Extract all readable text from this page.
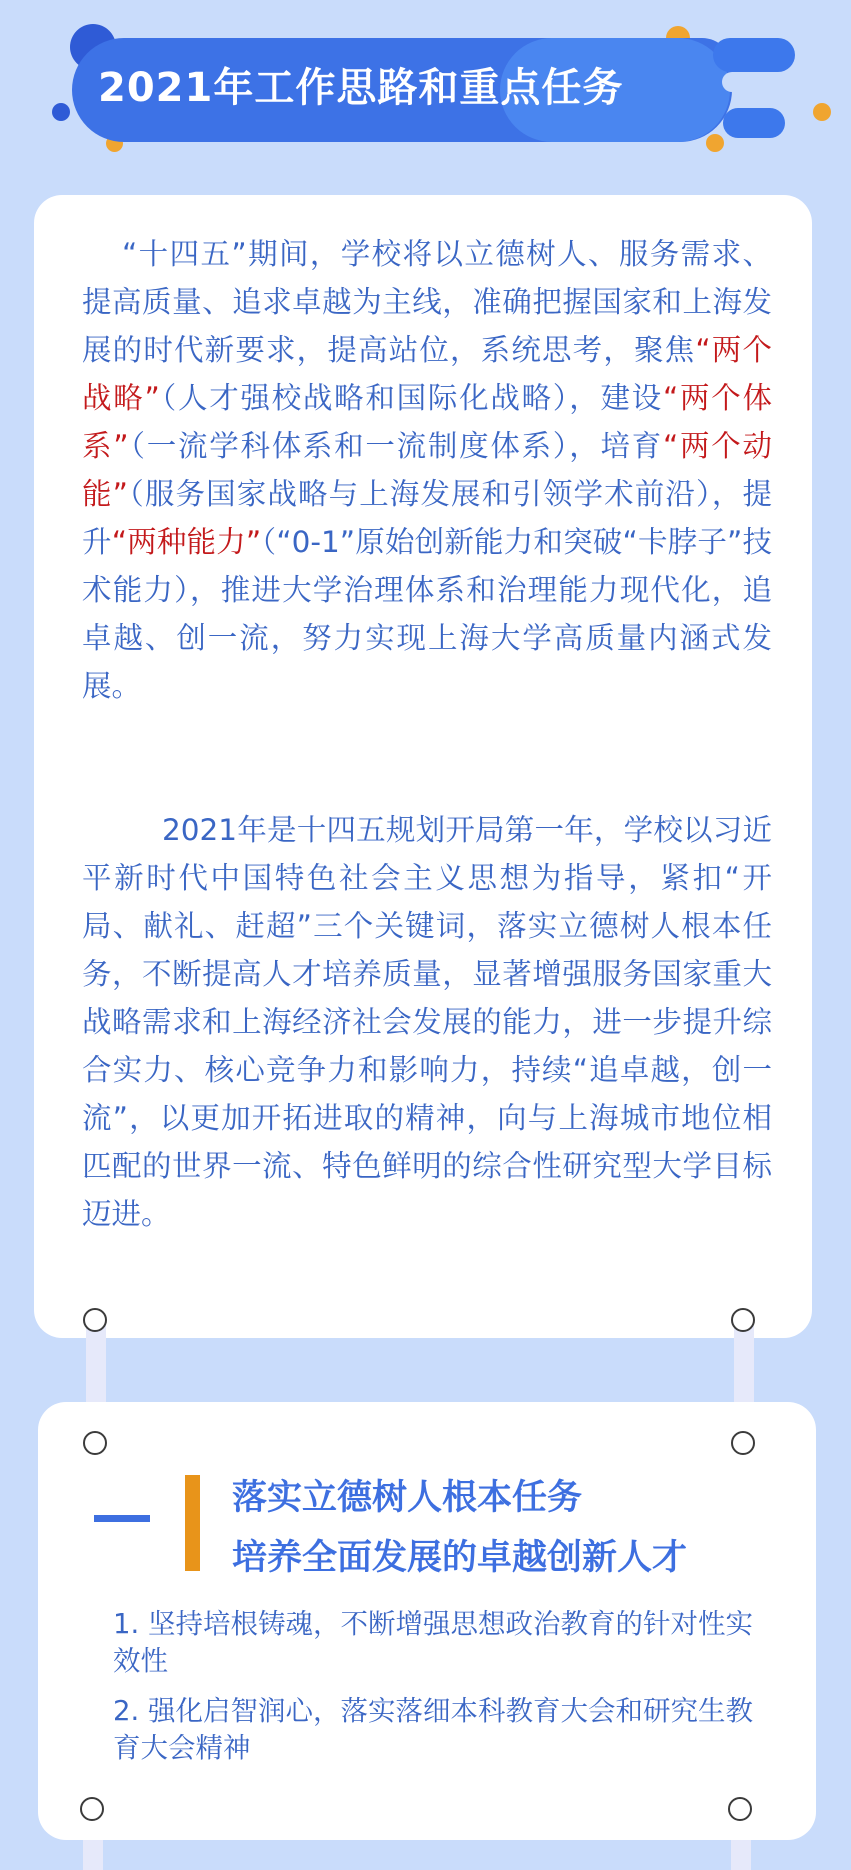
2021年工作思路和重点任务
“十四五”期间，学校将以立德树人、服务需求、提高质量、追求卓越为主线，准确把握国家和上海发展的时代新要求，提高站位，系统思考，聚焦“两个战略”（人才强校战略和国际化战略），建设“两个体系”（一流学科体系和一流制度体系），培育“两个动能”（服务国家战略与上海发展和引领学术前沿），提升“两种能力”（“0-1”原始创新能力和突破“卡脖子”技术能力），推进大学治理体系和治理能力现代化，追卓越、创一流，努力实现上海大学高质量内涵式发展。
2021年是十四五规划开局第一年，学校以习近平新时代中国特色社会主义思想为指导，紧扣“开局、献礼、赶超”三个关键词，落实立德树人根本任务，不断提高人才培养质量，显著增强服务国家重大战略需求和上海经济社会发展的能力，进一步提升综合实力、核心竞争力和影响力，持续“追卓越，创一流”，以更加开拓进取的精神，向与上海城市地位相匹配的世界一流、特色鲜明的综合性研究型大学目标迈进。
落实立德树人根本任务
培养全面发展的卓越创新人才
1. 坚持培根铸魂，不断增强思想政治教育的针对性实效性
2. 强化启智润心，落实落细本科教育大会和研究生教育大会精神
